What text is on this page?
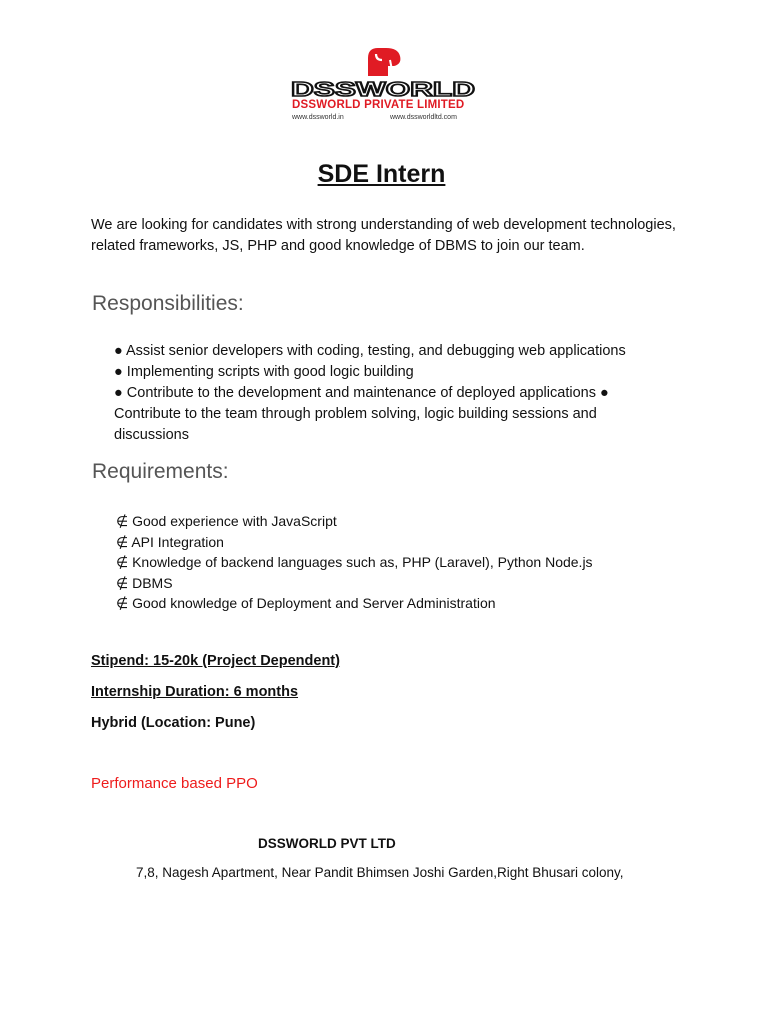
DSSWORLD
DSSWORLD PRIVATE LIMITED
www.dssworld.in	www.dssworldltd.com
SDE Intern
We are looking for candidates with strong understanding of web development technologies, related frameworks, JS, PHP and good knowledge of DBMS to join our team.
Responsibilities:
● Assist senior developers with coding, testing, and debugging web applications
● Implementing scripts with good logic building
● Contribute to the development and maintenance of deployed applications ● Contribute to the team through problem solving, logic building sessions and discussions
Requirements:
∉ Good experience with JavaScript
∉ API Integration
∉ Knowledge of backend languages such as, PHP (Laravel), Python Node.js
∉ DBMS
∉ Good knowledge of Deployment and Server Administration
Stipend: 15-20k (Project Dependent)
Internship Duration: 6 months
Hybrid (Location: Pune)
Performance based PPO
DSSWORLD PVT LTD
7,8, Nagesh Apartment, Near Pandit Bhimsen Joshi Garden,Right Bhusari colony,
